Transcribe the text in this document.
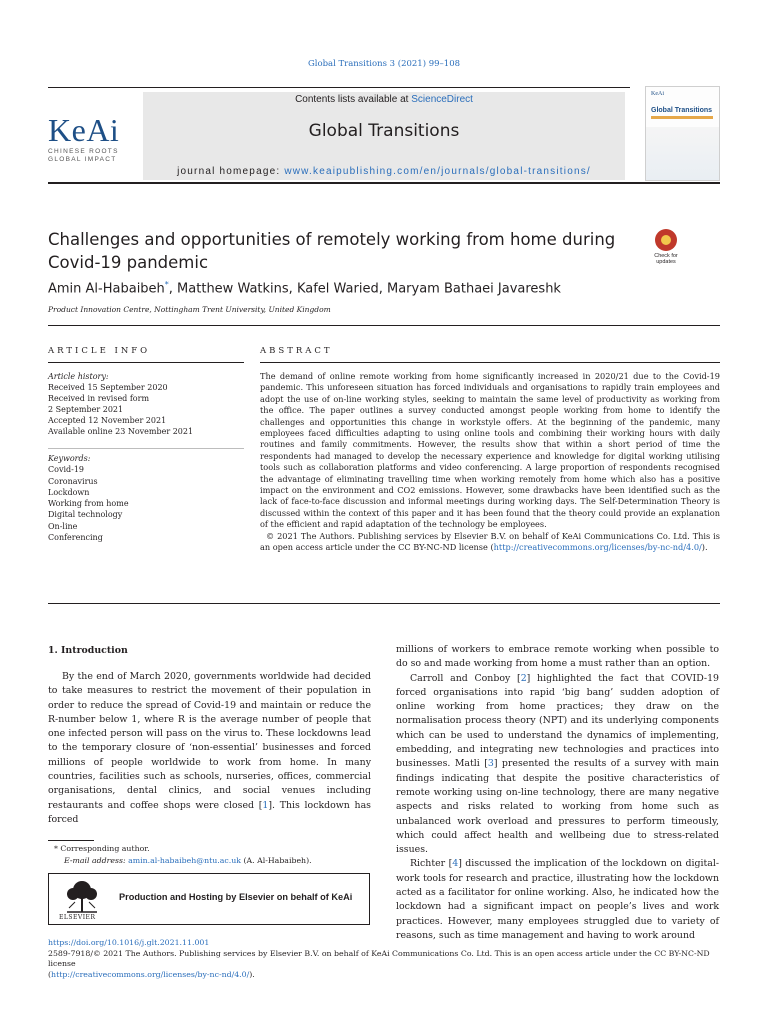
Global Transitions 3 (2021) 99–108
KeAi
CHINESE ROOTS
GLOBAL IMPACT
Contents lists available at ScienceDirect
Global Transitions
journal homepage: www.keaipublishing.com/en/journals/global-transitions/
KeAi
Global Transitions
Challenges and opportunities of remotely working from home during Covid-19 pandemic	Check for updates
Amin Al-Habaibeh*, Matthew Watkins, Kafel Waried, Maryam Bathaei Javareshk
Product Innovation Centre, Nottingham Trent University, United Kingdom
ARTICLE INFO	ABSTRACT
Article history:
Received 15 September 2020
Received in revised form
2 September 2021
Accepted 12 November 2021
Available online 23 November 2021
Keywords:
Covid-19
Coronavirus
Lockdown
Working from home
Digital technology
On-line
Conferencing

The demand of online remote working from home significantly increased in 2020/21 due to the Covid-19 pandemic. This unforeseen situation has forced individuals and organisations to rapidly train employees and adopt the use of on-line working styles, seeking to maintain the same level of productivity as working from the office. The paper outlines a survey conducted amongst people working from home to identify the challenges and opportunities this change in workstyle offers. At the beginning of the pandemic, many employees faced difficulties adapting to using online tools and combining their working hours with daily routines and family commitments. However, the results show that within a short period of time the respondents had managed to develop the necessary experience and knowledge for digital working utilising tools such as collaboration platforms and video conferencing. A large proportion of respondents recognised the advantage of eliminating travelling time when working remotely from home which also has a positive impact on the environment and CO2 emissions. However, some drawbacks have been identified such as the lack of face-to-face discussion and informal meetings during working days. The Self-Determination Theory is discussed within the context of this paper and it has been found that the theory could provide an explanation of the efficient and rapid adaptation of the technology be employees.

© 2021 The Authors. Publishing services by Elsevier B.V. on behalf of KeAi Communications Co. Ltd. This is an open access article under the CC BY-NC-ND license (http://creativecommons.org/licenses/by-nc-nd/4.0/).

1. Introduction

By the end of March 2020, governments worldwide had decided to take measures to restrict the movement of their population in order to reduce the spread of Covid-19 and maintain or reduce the R-number below 1, where R is the average number of people that one infected person will pass on the virus to. These lockdowns lead to the temporary closure of ‘non-essential’ businesses and forced millions of people worldwide to work from home. In many countries, facilities such as schools, nurseries, offices, commercial organisations, dental clinics, and social venues including restaurants and coffee shops were closed [1]. This lockdown has forced

millions of workers to embrace remote working when possible to do so and made working from home a must rather than an option.

Carroll and Conboy [2] highlighted the fact that COVID-19 forced organisations into rapid ‘big bang’ sudden adoption of online working from home practices; they draw on the normalisation process theory (NPT) and its underlying components which can be used to understand the dynamics of implementing, embedding, and integrating new technologies and practices into businesses. Matli [3] presented the results of a survey with main findings indicating that despite the positive characteristics of remote working using on-line technology, there are many negative aspects and risks related to working from home such as unbalanced work overload and pressures to perform timeously, which could affect health and wellbeing due to stress-related issues.

Richter [4] discussed the implication of the lockdown on digital-work tools for research and practice, illustrating how the lockdown acted as a facilitator for online working. Also, he indicated how the lockdown had a significant impact on people’s lives and work practices. However, many employees struggled due to variety of reasons, such as time management and having to work around

* Corresponding author.
E-mail address: amin.al-habaibeh@ntu.ac.uk (A. Al-Habaibeh).
ELSEVIER
Production and Hosting by Elsevier on behalf of KeAi
https://doi.org/10.1016/j.glt.2021.11.001
2589-7918/© 2021 The Authors. Publishing services by Elsevier B.V. on behalf of KeAi Communications Co. Ltd. This is an open access article under the CC BY-NC-ND license
(http://creativecommons.org/licenses/by-nc-nd/4.0/).
